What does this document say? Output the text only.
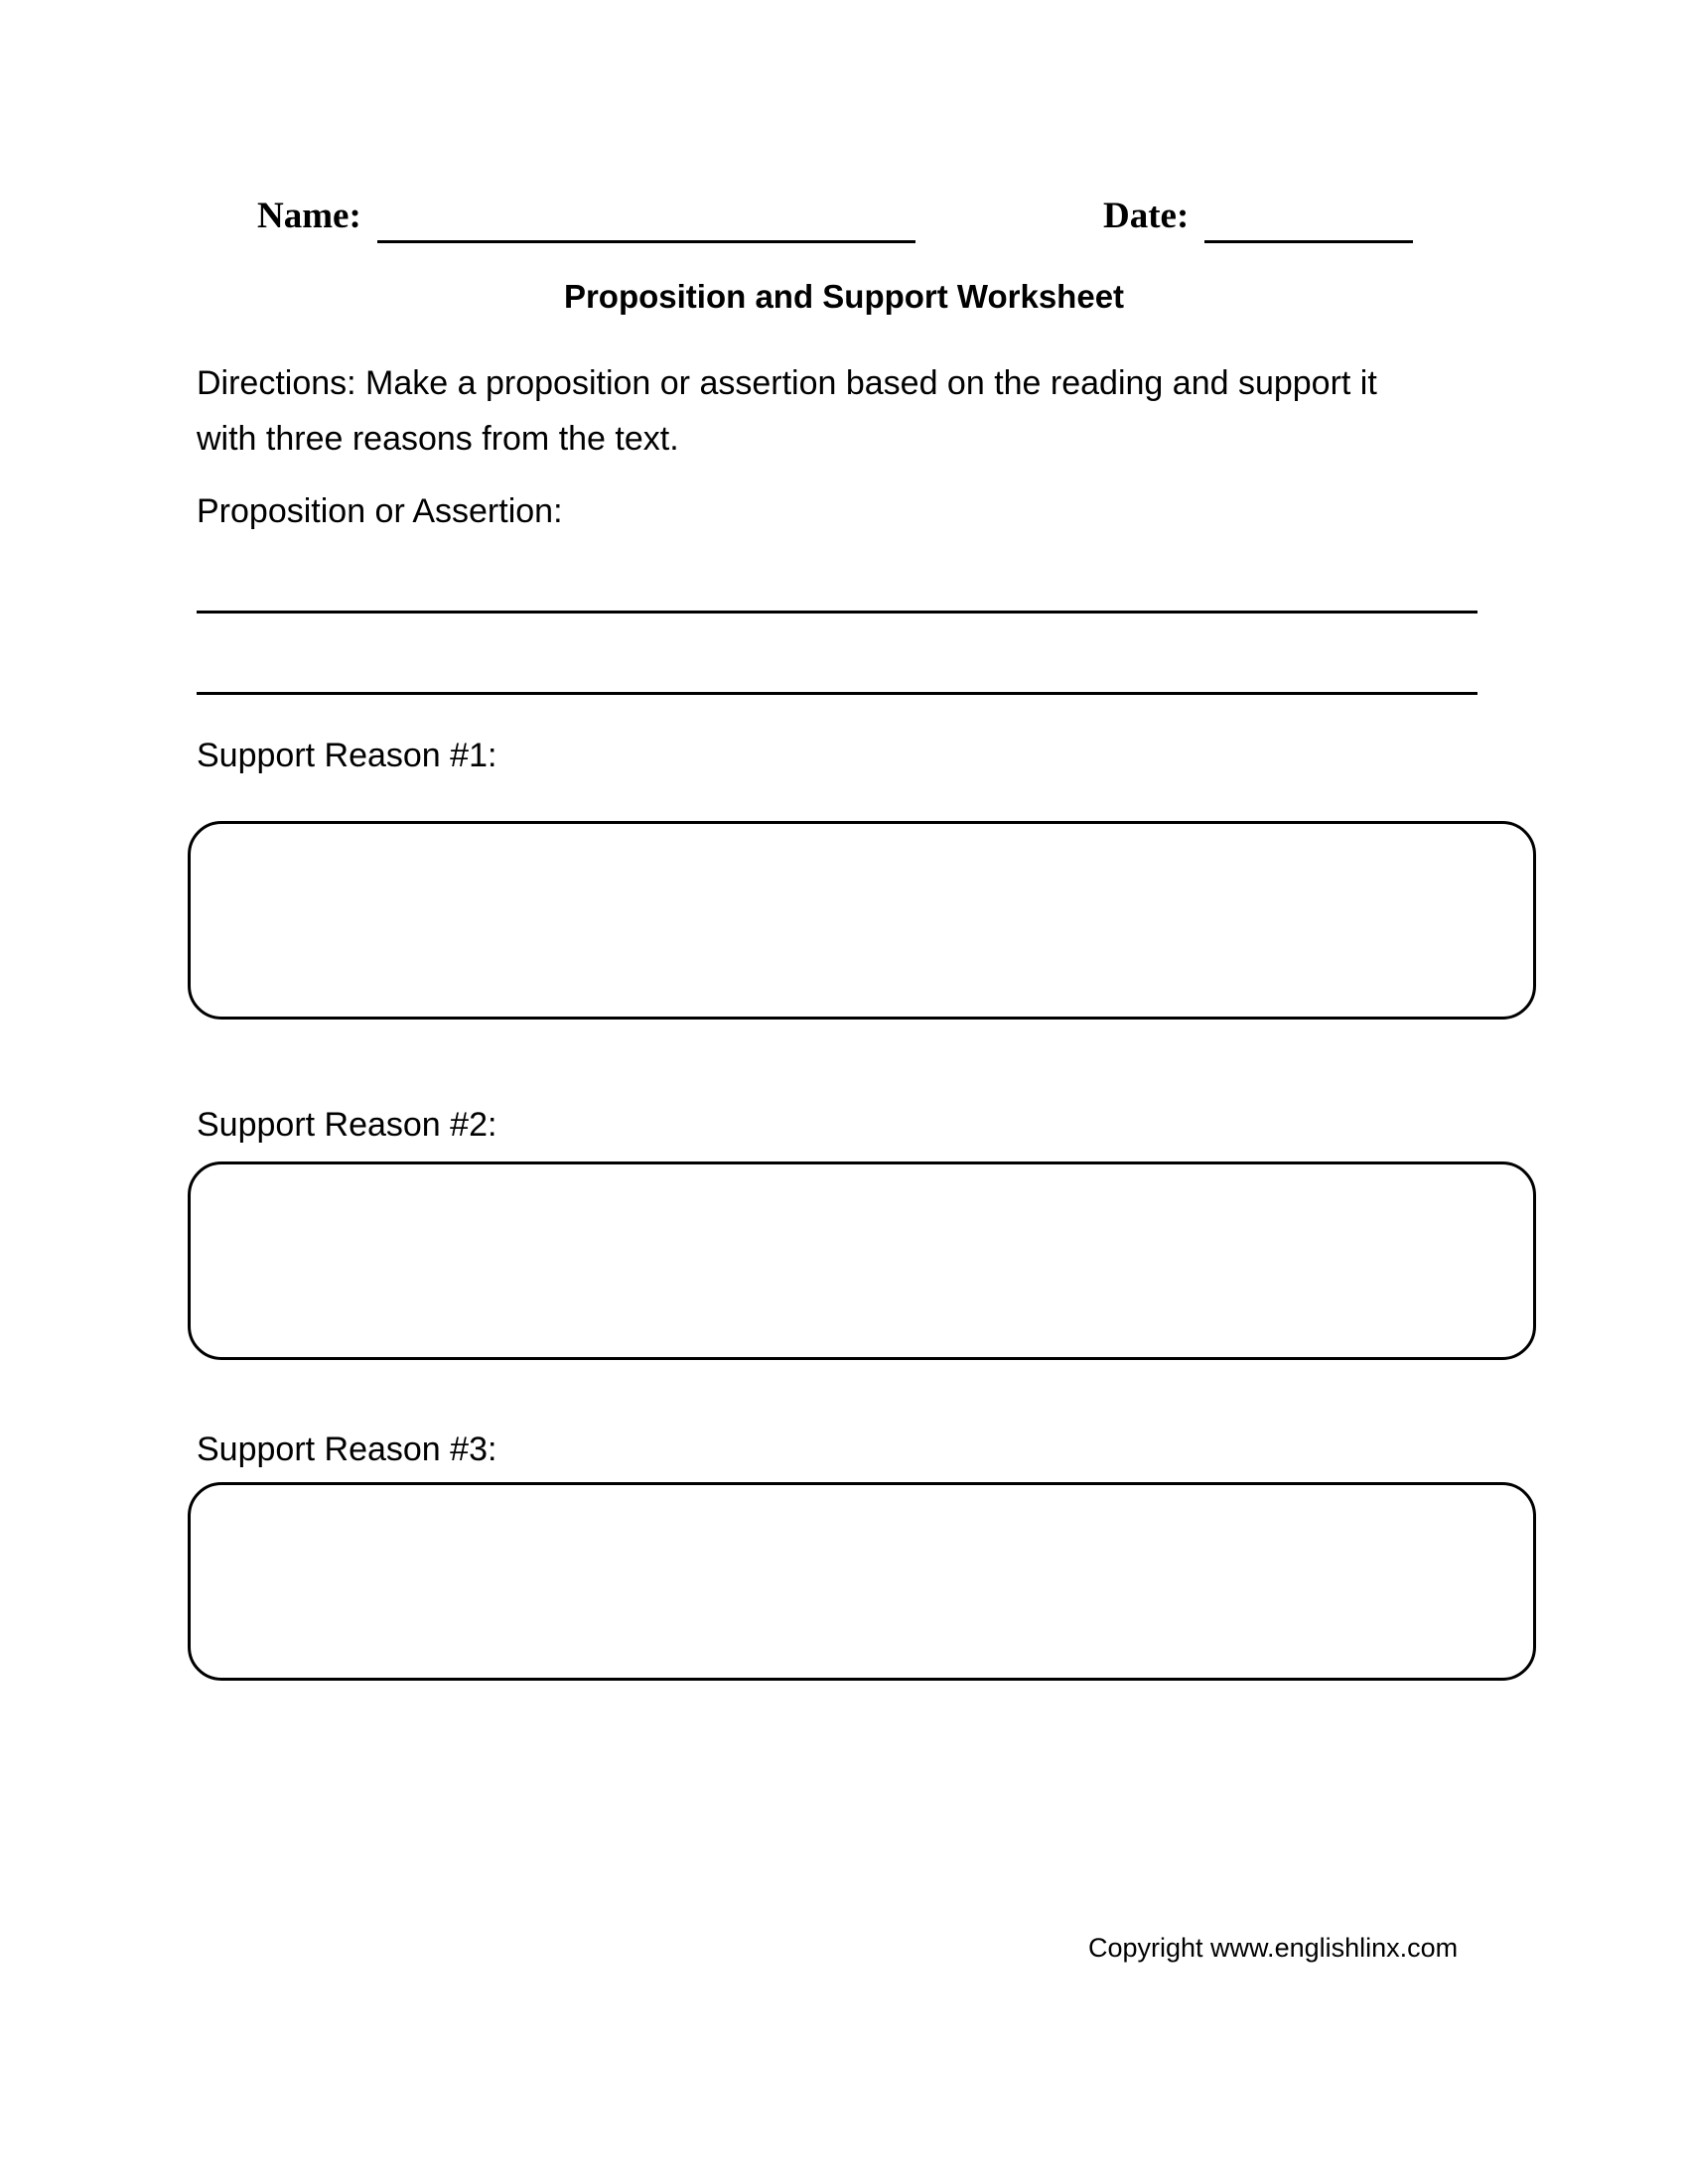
Name:	Date:
Proposition and Support Worksheet
Directions: Make a proposition or assertion based on the reading and support it
with three reasons from the text.
Proposition or Assertion:
Support Reason #1:
Support Reason #2:
Support Reason #3:
Copyright www.englishlinx.com
